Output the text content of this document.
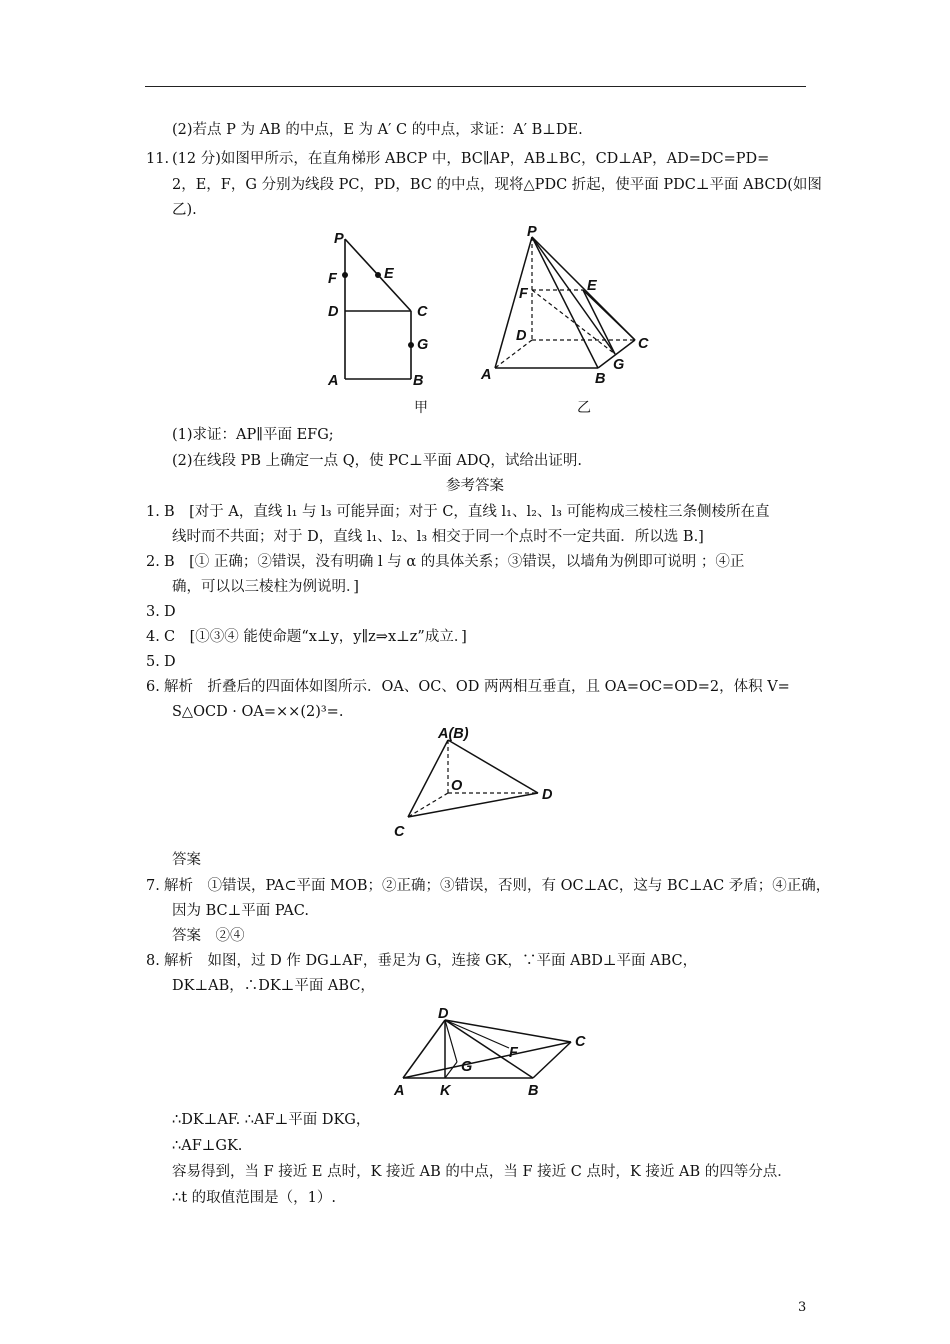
(2)若点 P 为 AB 的中点，E 为 A′ C 的中点，求证：A′ B⊥DE.
11. (12 分)如图甲所示，在直角梯形 ABCP 中，BC∥AP，AB⊥BC，CD⊥AP，AD=DC=PD=
2，E，F，G 分别为线段 PC，PD，BC 的中点，现将△PDC 折起，使平面 PDC⊥平面 ABCD(如图
乙).
P
F	E
D	C
G
A	B
P
E
F
D	C
G
A	B
甲	乙
(1)求证：AP∥平面 EFG;
(2)在线段 PB 上确定一点 Q，使 PC⊥平面 ADQ，试给出证明.
参考答案
1. B　[对于 A，直线 l₁ 与 l₃ 可能异面；对于 C，直线 l₁、l₂、l₃ 可能构成三棱柱三条侧棱所在直
线时而不共面；对于 D，直线 l₁、l₂、l₃ 相交于同一个点时不一定共面．所以选 B.]
2. B　[① 正确；②错误，没有明确 l 与 α 的具体关系；③错误，以墙角为例即可说明 ；④正
确，可以以三棱柱为例说明．]
3. D
4. C　[①③④ 能使命题“x⊥y，y∥z⇒x⊥z”成立．]
5. D
6. 解析　折叠后的四面体如图所示．OA、OC、OD 两两相互垂直，且 OA=OC=OD=2，体积 V=
S△OCD · OA=××(2)³=.
A(B)
O
D
C
答案
7. 解析　①错误，PA⊂平面 MOB；②正确；③错误，否则，有 OC⊥AC，这与 BC⊥AC 矛盾；④正确，
因为 BC⊥平面 PAC.
答案　②④
8. 解析　如图，过 D 作 DG⊥AF，垂足为 G，连接 GK，∵平面 ABD⊥平面 ABC，
DK⊥AB，∴DK⊥平面 ABC，
D
C
F
G
A K	B
∴DK⊥AF. ∴AF⊥平面 DKG，
∴AF⊥GK.
容易得到，当 F 接近 E 点时，K 接近 AB 的中点，当 F 接近 C 点时，K 接近 AB 的四等分点．
∴t 的取值范围是（，1）.
3
